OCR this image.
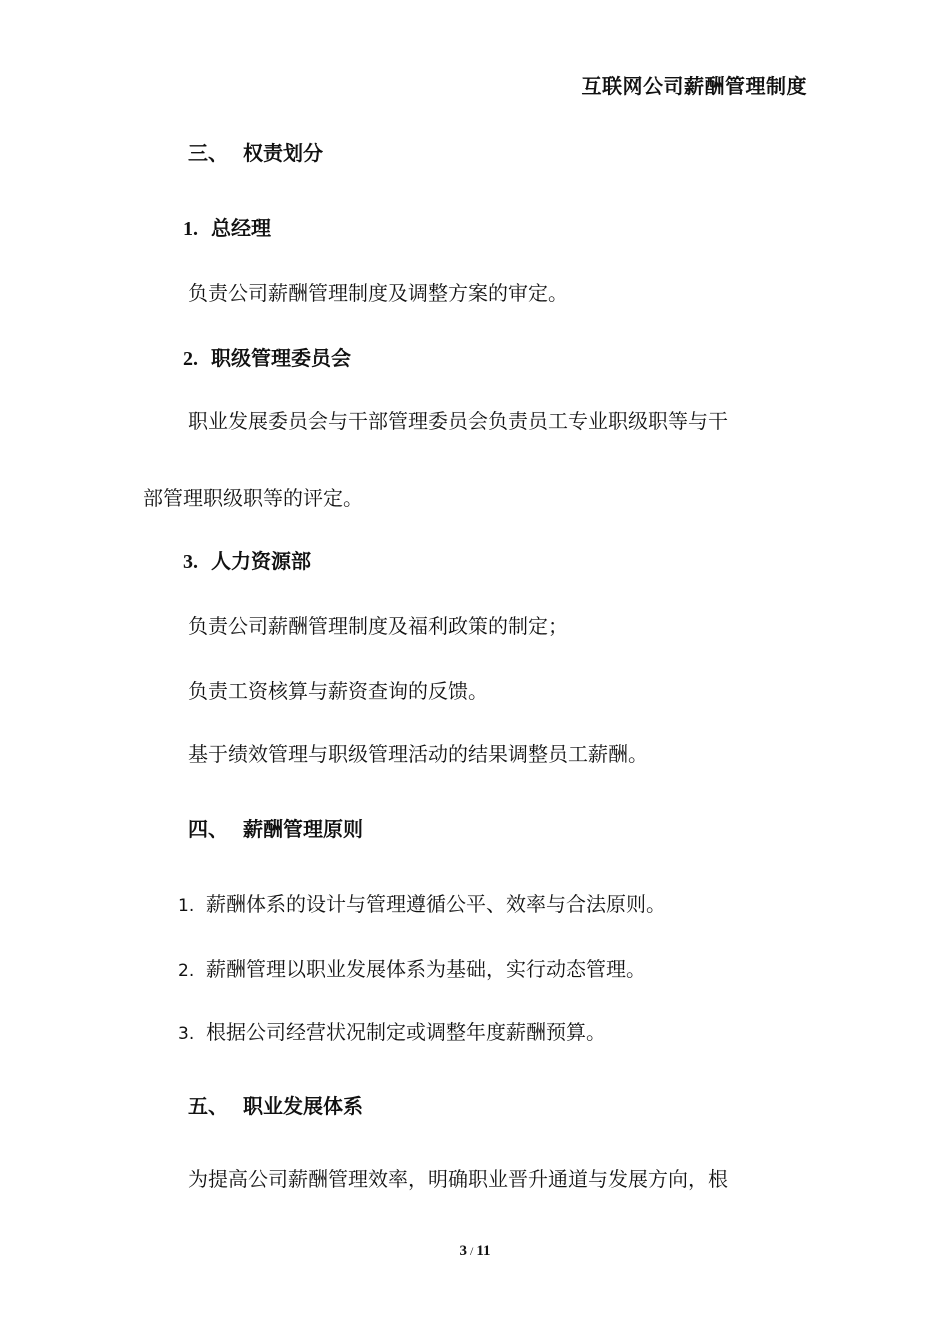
互联网公司薪酬管理制度
三、 权责划分
1. 总经理
负责公司薪酬管理制度及调整方案的审定。
2. 职级管理委员会
职业发展委员会与干部管理委员会负责员工专业职级职等与干
部管理职级职等的评定。
3. 人力资源部
负责公司薪酬管理制度及福利政策的制定；
负责工资核算与薪资查询的反馈。
基于绩效管理与职级管理活动的结果调整员工薪酬。
四、 薪酬管理原则
1. 薪酬体系的设计与管理遵循公平、效率与合法原则。
2. 薪酬管理以职业发展体系为基础，实行动态管理。
3. 根据公司经营状况制定或调整年度薪酬预算。
五、 职业发展体系
为提高公司薪酬管理效率，明确职业晋升通道与发展方向，根
3 / 11
